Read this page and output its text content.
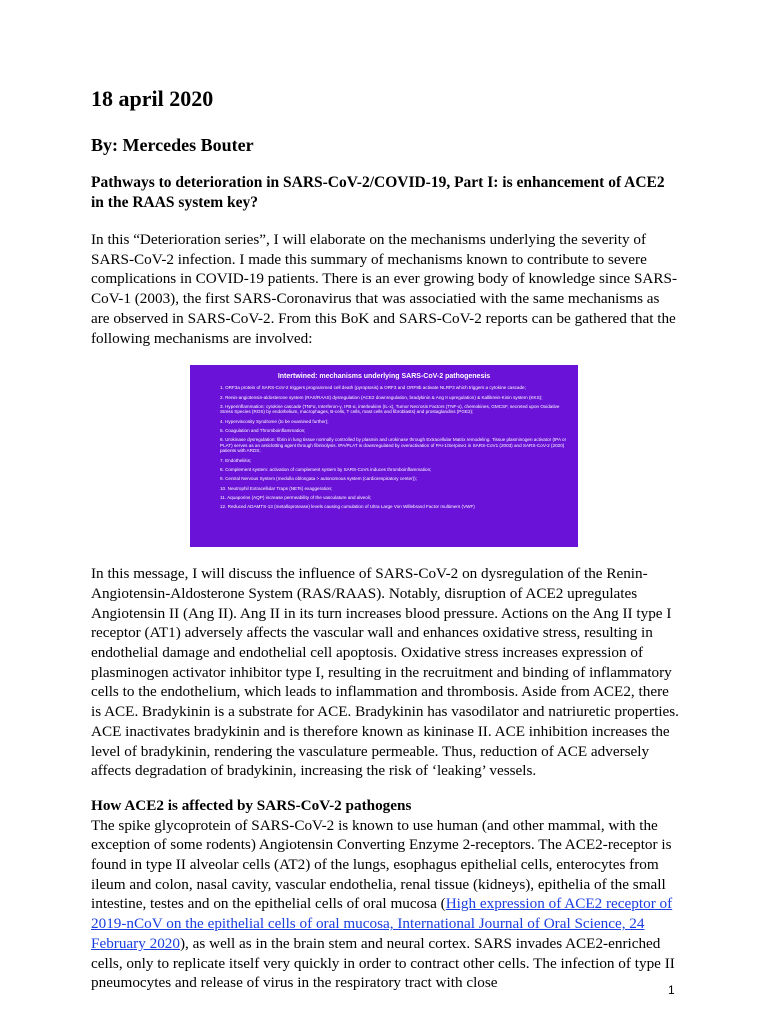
18 april 2020
By: Mercedes Bouter
Pathways to deterioration in SARS-CoV-2/COVID-19, Part I: is enhancement of ACE2 in the RAAS system key?

In this “Deterioration series”, I will elaborate on the mechanisms underlying the severity of SARS-CoV-2 infection. I made this summary of mechanisms known to contribute to severe complications in COVID-19 patients. There is an ever growing body of knowledge since SARS-CoV-1 (2003), the first SARS-Coronavirus that was associatied with the same mechanisms as are observed in SARS-CoV-2. From this BoK and SARS-CoV-2 reports can be gathered that the following mechanisms are involved:

Intertwined: mechanisms underlying SARS-CoV-2 pathogenesis
1. ORF3a protein of SARS-CoV-2 triggers programmed cell death (pyroptosis) & ORF3 and ORF8b activate NLRP3 which triggers a cytokine cascade;
2. Renin-angiotensin-aldosterone system (RAS/RAAS) dysregulation (ACE2 downregulation, bradykinin & Ang II upregulation) & Kallikrein-Kinin system (KKS);
3. Hyperinflammation: cytokine cascade (TNFα, Interferon-γ, IFB-α, interleukins (IL-x), Tumor Necrosis Factors (TNF-x), chemokines, GMCSF, secreted upon Oxidative Stress Species (ROS) by endothelium, macrophages, B-cells, T cells, mast cells and fibroblasts) and prostaglandins (PGE2);
4. Hyperviscosity Syndrome (to be examined further);
5. Coagulation and Thromboinflammation;
6. Urokinase dysregulation: fibrin in lung tissue normally controlled by plasmin and urokinase through Extracellular Matrix remodeling. Tissue plasminogen activator (tPA or PLAT) serves as an anticlotting agent through fibrinolysis. tPA/PLAT is downregulated by overactivation of PAI-1/Serpine1 in SARS-CoV1 (2003) and SARS-CoV-2 (2020) patients with ARDS;
7. Endotheliitis;
8. Complement system: activation of complement system by SARS-CoVs induces thromboinflammation;
9. Central Nervous System (medulla oblongata > autonomous system (cardiorespiratory center));
10. Neutrophil Extracellular Traps (NETs) exaggeration;
11. Aquaporins (AQP) increase permeability of the vasculature and alveoli;
12. Reduced ADAMTS-13 (metalloprotease) levels causing cumulation of Ultra Large Von Willebrand Factor multimers (VWF)

In this message, I will discuss the influence of SARS-CoV-2 on dysregulation of the Renin-Angiotensin-Aldosterone System (RAS/RAAS). Notably, disruption of ACE2 upregulates Angiotensin II (Ang II). Ang II in its turn increases blood pressure. Actions on the Ang II type I receptor (AT1) adversely affects the vascular wall and enhances oxidative stress, resulting in endothelial damage and endothelial cell apoptosis. Oxidative stress increases expression of plasminogen activator inhibitor type I, resulting in the recruitment and binding of inflammatory cells to the endothelium, which leads to inflammation and thrombosis. Aside from ACE2, there is ACE. Bradykinin is a substrate for ACE. Bradykinin has vasodilator and natriuretic properties. ACE inactivates bradykinin and is therefore known as kininase II. ACE inhibition increases the level of bradykinin, rendering the vasculature permeable. Thus, reduction of ACE adversely affects degradation of bradykinin, increasing the risk of ‘leaking’ vessels.

How ACE2 is affected by SARS-CoV-2 pathogens

The spike glycoprotein of SARS-CoV-2 is known to use human (and other mammal, with the exception of some rodents) Angiotensin Converting Enzyme 2-receptors. The ACE2-receptor is found in type II alveolar cells (AT2) of the lungs, esophagus epithelial cells, enterocytes from ileum and colon, nasal cavity, vascular endothelia, renal tissue (kidneys), epithelia of the small intestine, testes and on the epithelial cells of oral mucosa (High expression of ACE2 receptor of 2019-nCoV on the epithelial cells of oral mucosa, International Journal of Oral Science, 24 February 2020), as well as in the brain stem and neural cortex. SARS invades ACE2-enriched cells, only to replicate itself very quickly in order to contract other cells. The infection of type II pneumocytes and release of virus in the respiratory tract with close	1
